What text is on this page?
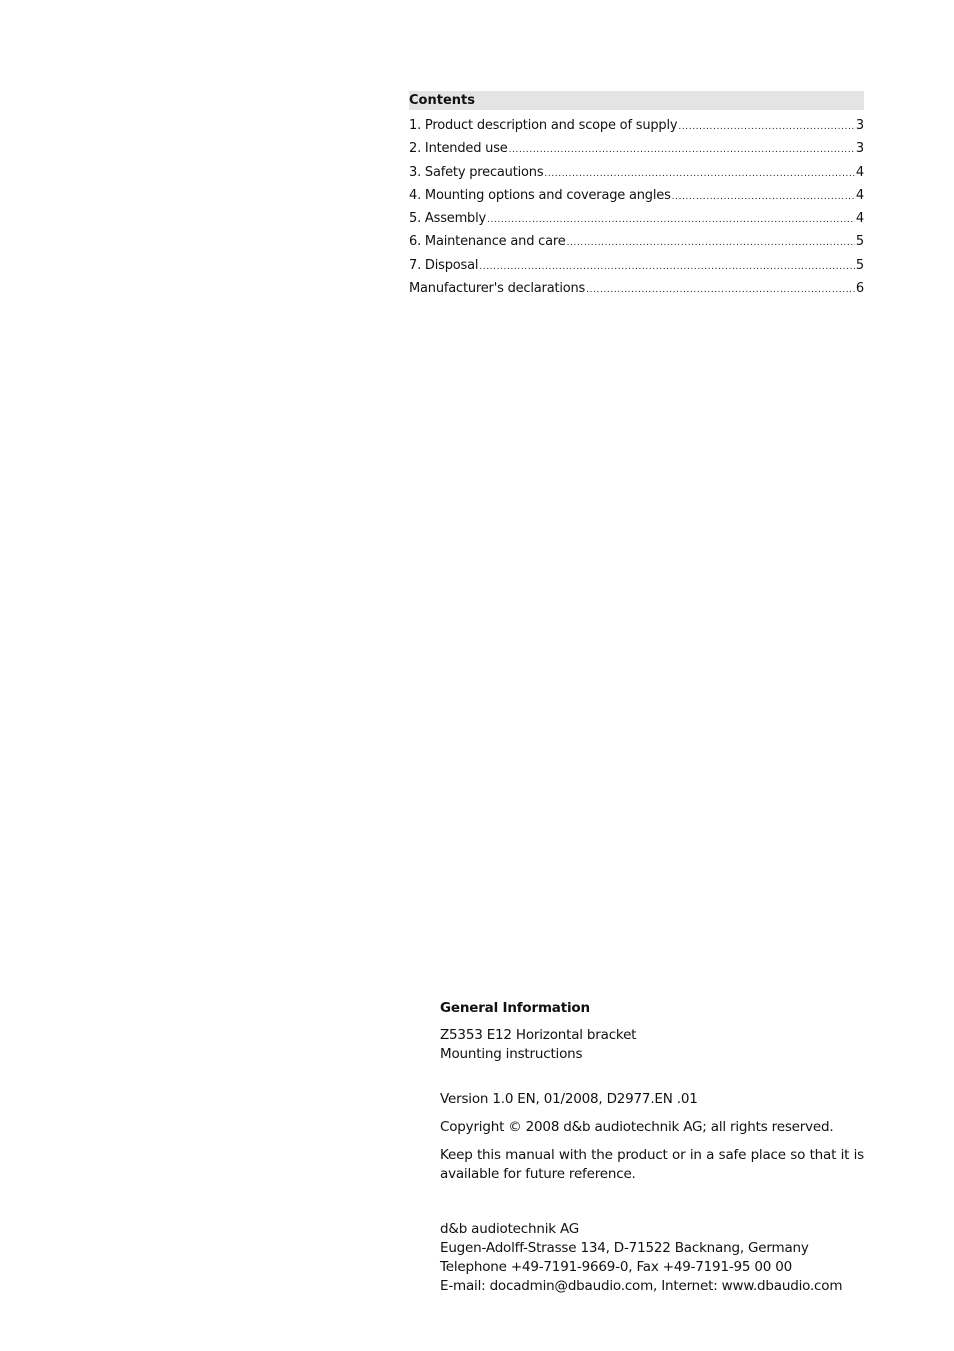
Contents
1. Product description and scope of supply .....	3
2. Intended use .....	3
3. Safety precautions .....	4
4. Mounting options and coverage angles .....	4
5. Assembly .....	4
6. Maintenance and care .....	5
7. Disposal .....	5
Manufacturer's declarations .....	6
General Information
Z5353 E12 Horizontal bracket
Mounting instructions
Version 1.0 EN, 01/2008, D2977.EN .01
Copyright © 2008 d&b audiotechnik AG; all rights reserved.
Keep this manual with the product or in a safe place so that it is available for future reference.
d&b audiotechnik AG
Eugen-Adolff-Strasse 134, D-71522 Backnang, Germany
Telephone +49-7191-9669-0, Fax +49-7191-95 00 00
E-mail: docadmin@dbaudio.com, Internet: www.dbaudio.com
